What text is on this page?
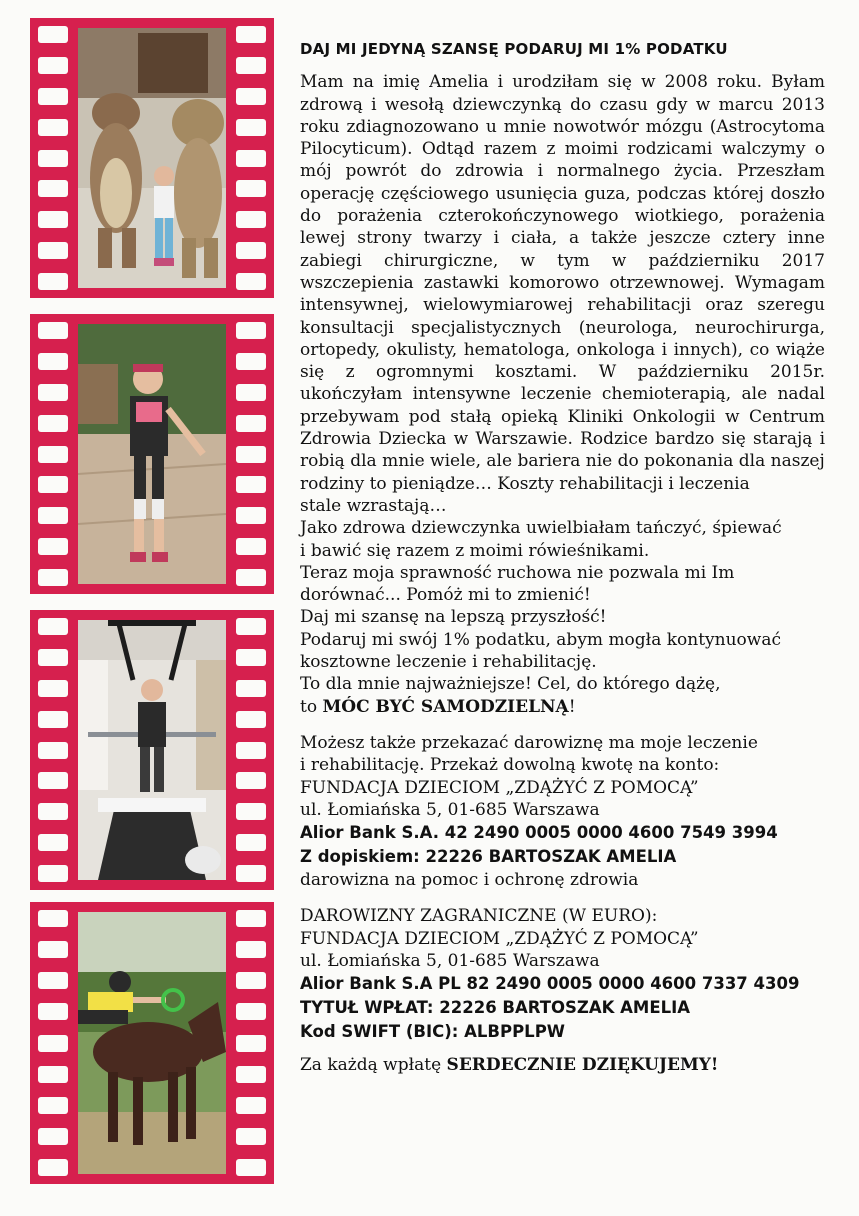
DAJ MI JEDYNĄ SZANSĘ PODARUJ MI 1% PODATKU

Mam na imię Amelia i urodziłam się w 2008 roku. Byłam zdrową i wesołą dziewczynką do czasu gdy w marcu 2013 roku zdiagnozowano u mnie nowotwór mózgu (Astrocytoma Pilocyticum). Odtąd razem z moimi rodzicami walczymy o mój powrót do zdrowia i normalnego życia. Przeszłam operację częściowego usunięcia guza, podczas której doszło do porażenia czterokończynowego wiotkiego, porażenia lewej strony twarzy i ciała, a także jeszcze cztery inne zabiegi chirurgiczne, w tym w październiku 2017 wszczepienia zastawki komorowo otrzewnowej. Wymagam intensywnej, wielowymiarowej rehabilitacji oraz szeregu konsultacji specjalistycznych (neurologa, neurochirurga, ortopedy, okulisty, hematologa, onkologa i innych), co wiąże się z ogromnymi kosztami. W październiku 2015r. ukończyłam intensywne leczenie chemioterapią, ale nadal przebywam pod stałą opieką Kliniki Onkologii w Centrum Zdrowia Dziecka w Warszawie. Rodzice bardzo się starają i robią dla mnie wiele, ale bariera nie do pokonania dla naszej

rodziny to pieniądze… Koszty rehabilitacji i leczenia
stale wzrastają…
Jako zdrowa dziewczynka uwielbiałam tańczyć, śpiewać
i bawić się razem z moimi rówieśnikami.
Teraz moja sprawność ruchowa nie pozwala mi Im
dorównać... Pomóż mi to zmienić!
Daj mi szansę na lepszą przyszłość!
Podaruj mi swój 1% podatku, abym mogła kontynuować
kosztowne leczenie i rehabilitację.
To dla mnie najważniejsze! Cel, do którego dążę,
to MÓC BYĆ SAMODZIELNĄ!
Możesz także przekazać darowiznę ma moje leczenie
i rehabilitację. Przekaż dowolną kwotę na konto:
FUNDACJA DZIECIOM „ZDĄŻYĆ Z POMOCĄ”
ul. Łomiańska 5, 01-685 Warszawa
Alior Bank S.A. 42 2490 0005 0000 4600 7549 3994
Z dopiskiem: 22226 BARTOSZAK AMELIA
darowizna na pomoc i ochronę zdrowia
DAROWIZNY ZAGRANICZNE (W EURO):
FUNDACJA DZIECIOM „ZDĄŻYĆ Z POMOCĄ”
ul. Łomiańska 5, 01-685 Warszawa
Alior Bank S.A PL 82 2490 0005 0000 4600 7337 4309
TYTUŁ WPŁAT: 22226 BARTOSZAK AMELIA
Kod SWIFT (BIC): ALBPPLPW
Za każdą wpłatę SERDECZNIE DZIĘKUJEMY!
